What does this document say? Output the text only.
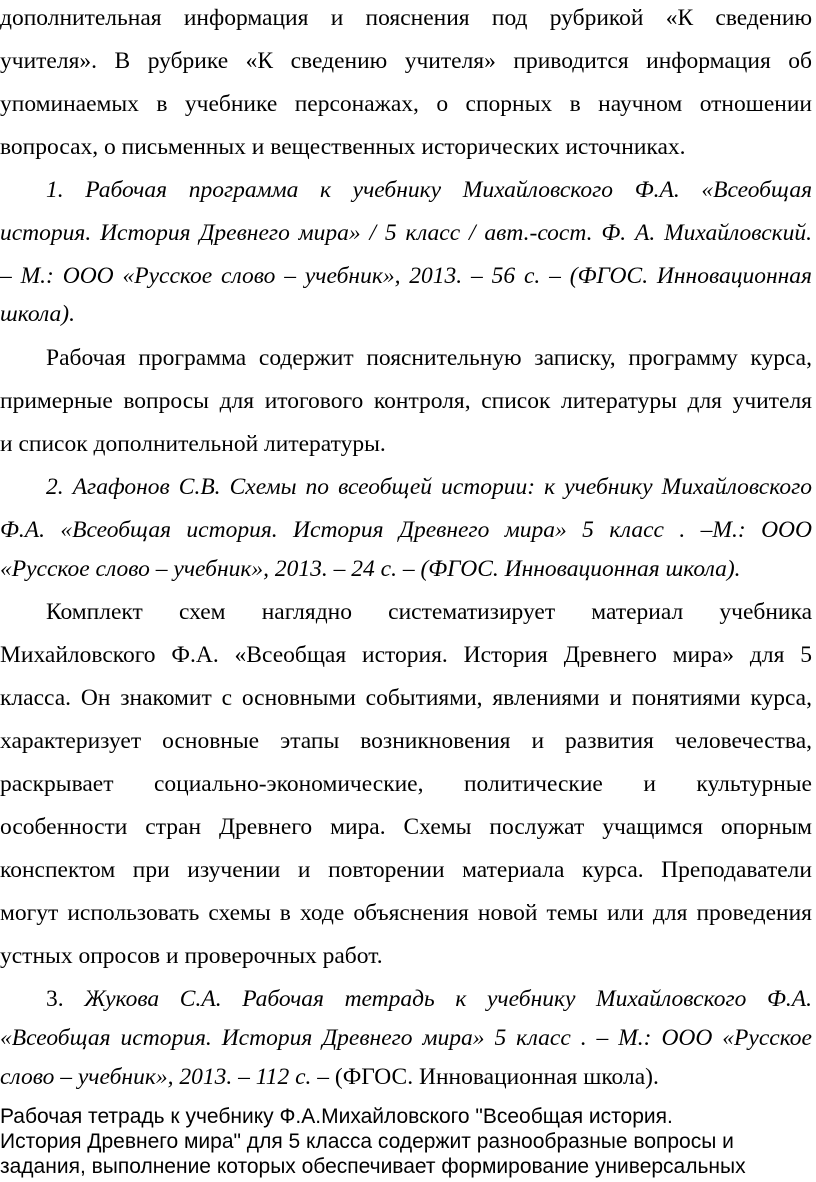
дополнительная информация и пояснения под рубрикой «К сведению
учителя». В рубрике «К сведению учителя» приводится информация об
упоминаемых в учебнике персонажах, о спорных в научном отношении
вопросах, о письменных и вещественных исторических источниках.
1. Рабочая программа к учебнику Михайловского Ф.А. «Всеобщая
история. История Древнего мира» / 5 класс / авт.-сост. Ф. А. Михайловский.
– М.: ООО «Русское слово – учебник», 2013. – 56 с. – (ФГОС. Инновационная
школа).
Рабочая программа содержит пояснительную записку, программу курса,
примерные вопросы для итогового контроля, список литературы для учителя
и список дополнительной литературы.
2. Агафонов С.В. Схемы по всеобщей истории: к учебнику Михайловского
Ф.А. «Всеобщая история. История Древнего мира» 5 класс . –М.: ООО
«Русское слово – учебник», 2013. – 24 с. – (ФГОС. Инновационная школа).
Комплект схем наглядно систематизирует материал учебника
Михайловского Ф.А. «Всеобщая история. История Древнего мира» для 5
класса. Он знакомит с основными событиями, явлениями и понятиями курса,
характеризует основные этапы возникновения и развития человечества,
раскрывает социально-экономические, политические и культурные
особенности стран Древнего мира. Схемы послужат учащимся опорным
конспектом при изучении и повторении материала курса. Преподаватели
могут использовать схемы в ходе объяснения новой темы или для проведения
устных опросов и проверочных работ.
3. Жукова С.А. Рабочая тетрадь к учебнику Михайловского Ф.А.
«Всеобщая история. История Древнего мира» 5 класс . – М.: ООО «Русское
слово – учебник», 2013. – 112 с. – (ФГОС. Инновационная школа).
Рабочая тетрадь к учебнику Ф.А.Михайловского "Всеобщая история.
История Древнего мира" для 5 класса содержит разнообразные вопросы и
задания, выполнение которых обеспечивает формирование универсальных
